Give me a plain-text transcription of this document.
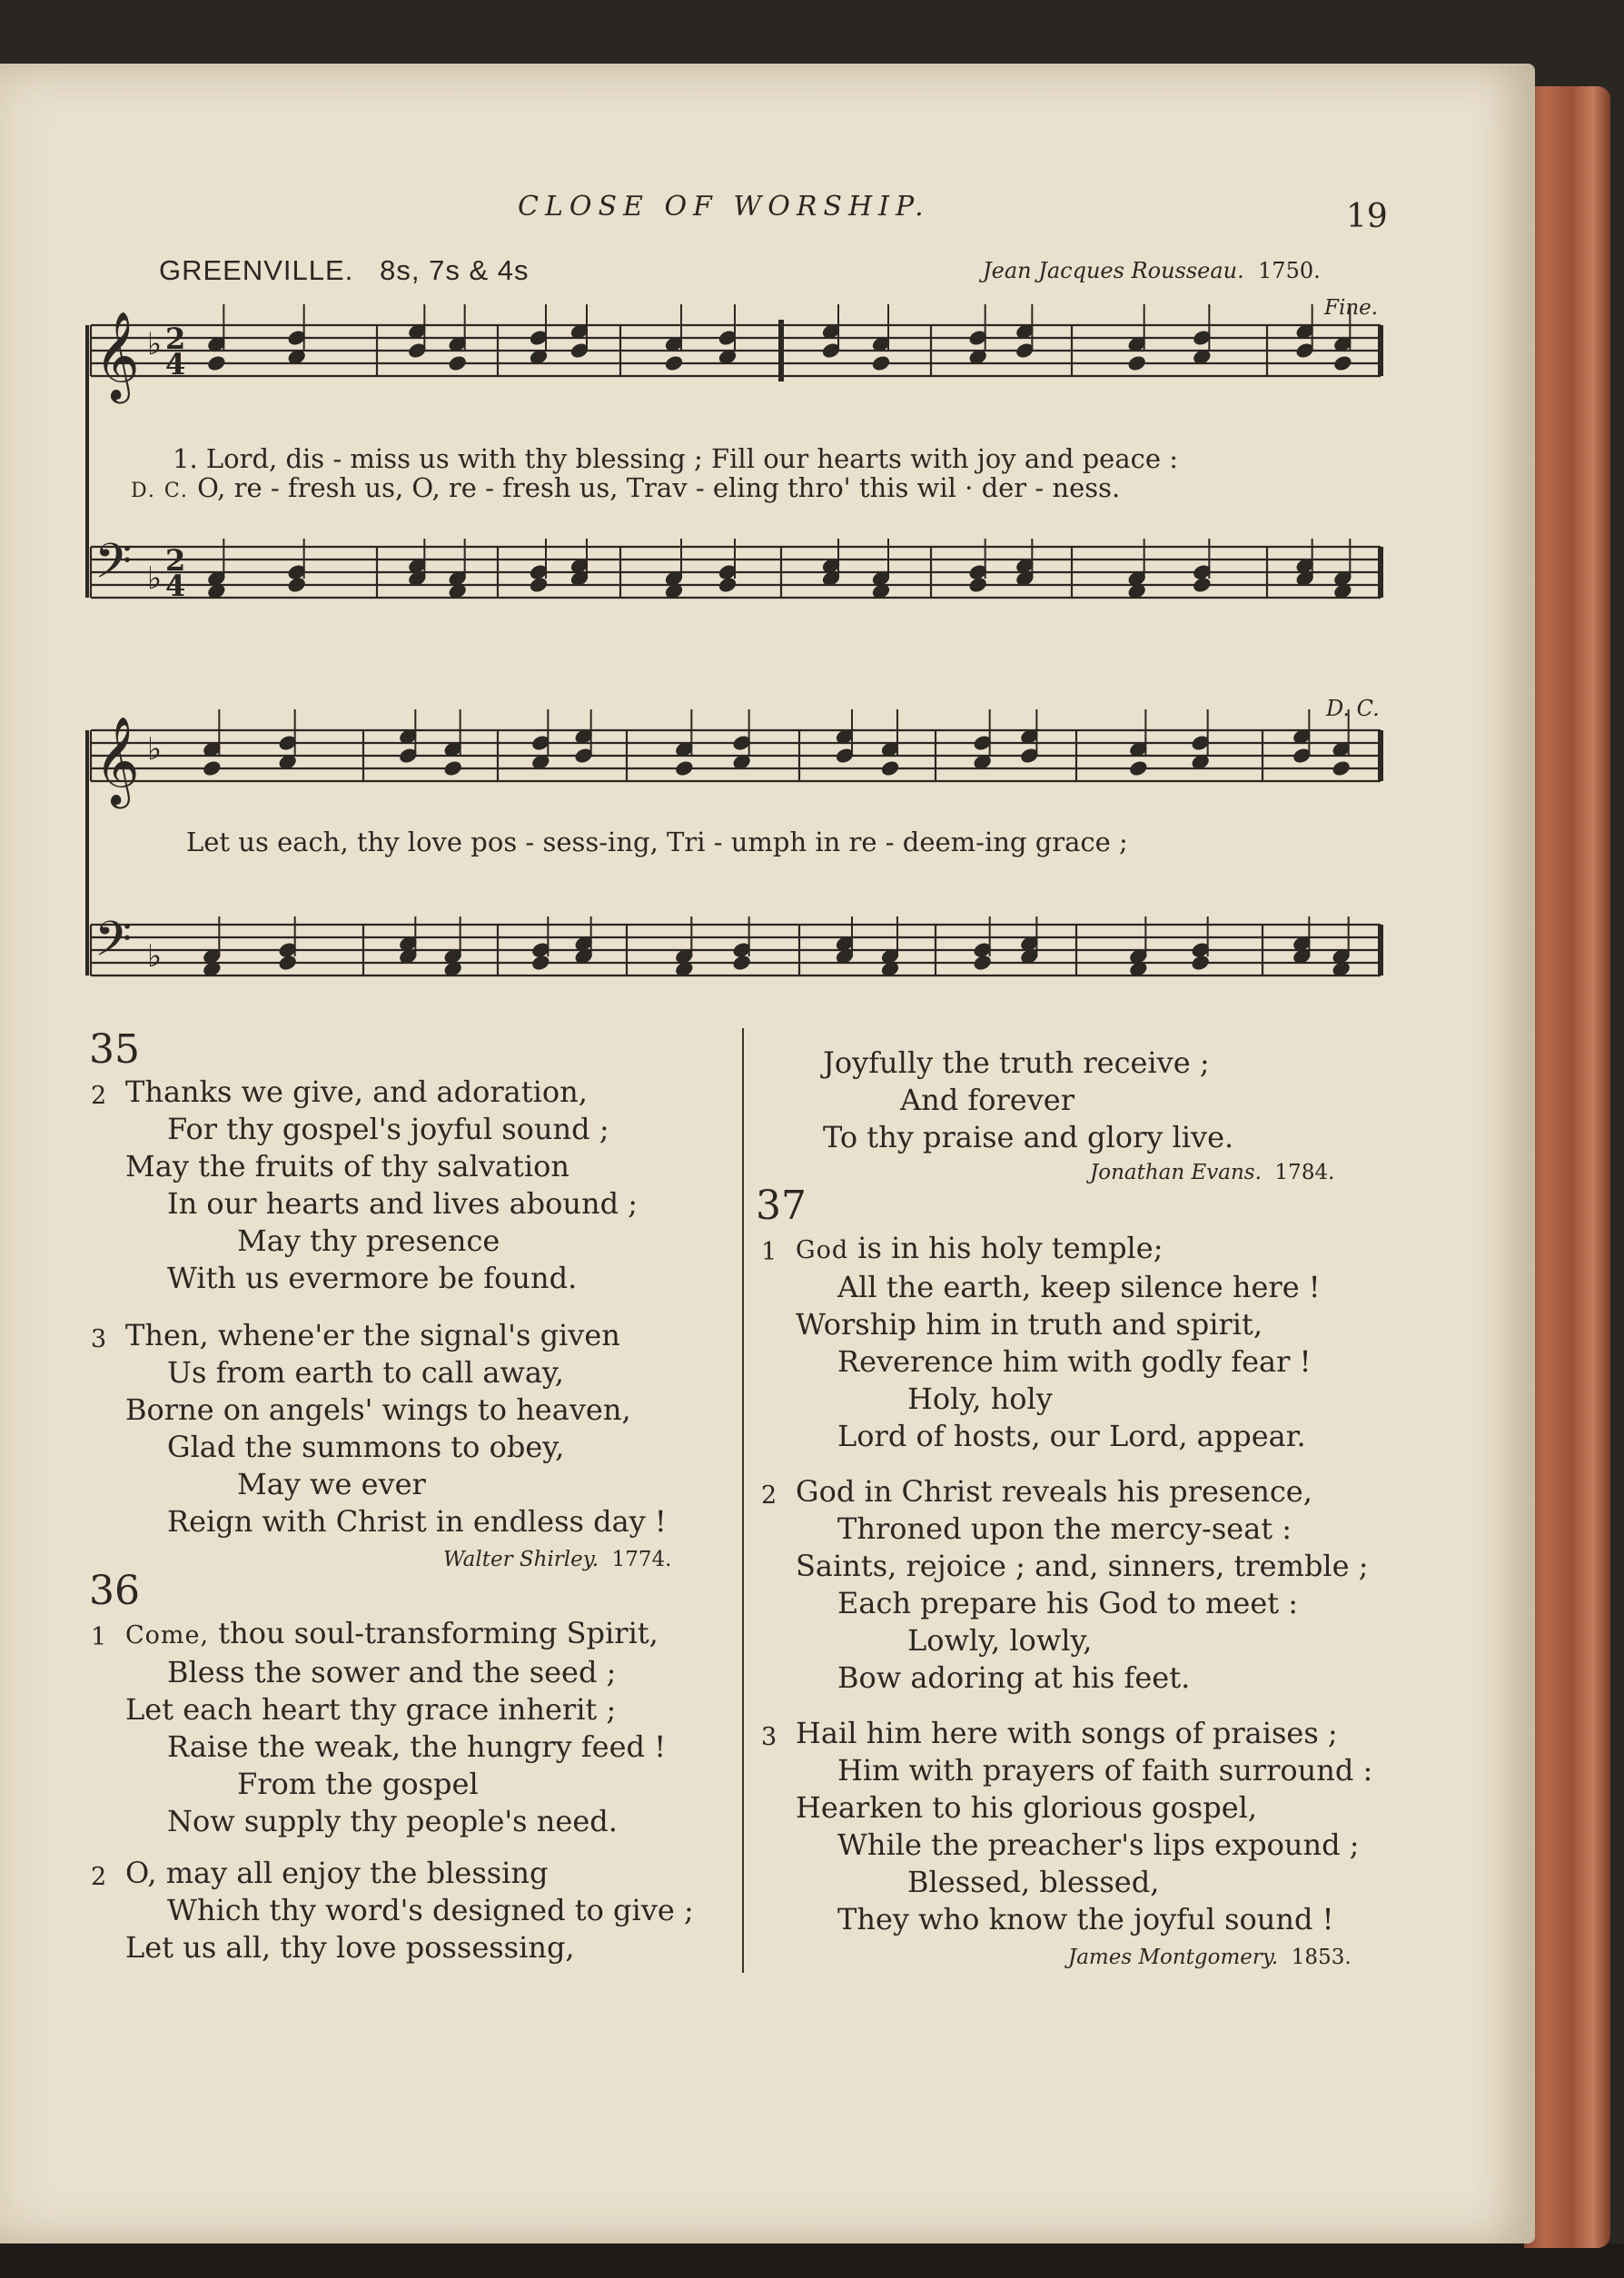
𝄞
𝄢
♭
♭
2
4
2
4
𝄞
𝄢
♭
♭
CLOSE OF WORSHIP.	19
GREENVILLE. 8s, 7s & 4s	Jean Jacques Rousseau. 1750.
Fine.
D. C.
1. Lord, dis - miss us with thy blessing ; Fill our hearts with joy and peace :
D. C. O, re - fresh us, O, re - fresh us, Trav - eling thro' this wil · der - ness.
Let us each, thy love pos - sess-ing, Tri - umph in re - deem-ing grace ;
35
2 Thanks we give, and adoration,
For thy gospel's joyful sound ;
May the fruits of thy salvation
In our hearts and lives abound ;
May thy presence
With us evermore be found.
3 Then, whene'er the signal's given
Us from earth to call away,
Borne on angels' wings to heaven,
Glad the summons to obey,
May we ever
Reign with Christ in endless day !
Walter Shirley. 1774.
36
1 Come, thou soul-transforming Spirit,
Bless the sower and the seed ;
Let each heart thy grace inherit ;
Raise the weak, the hungry feed !
From the gospel
Now supply thy people's need.
2 O, may all enjoy the blessing
Which thy word's designed to give ;
Let us all, thy love possessing,
Joyfully the truth receive ;
And forever
To thy praise and glory live.
Jonathan Evans. 1784.
37
1 God is in his holy temple;
All the earth, keep silence here !
Worship him in truth and spirit,
Reverence him with godly fear !
Holy, holy
Lord of hosts, our Lord, appear.
2 God in Christ reveals his presence,
Throned upon the mercy-seat :
Saints, rejoice ; and, sinners, tremble ;
Each prepare his God to meet :
Lowly, lowly,
Bow adoring at his feet.
3 Hail him here with songs of praises ;
Him with prayers of faith surround :
Hearken to his glorious gospel,
While the preacher's lips expound ;
Blessed, blessed,
They who know the joyful sound !
James Montgomery. 1853.
